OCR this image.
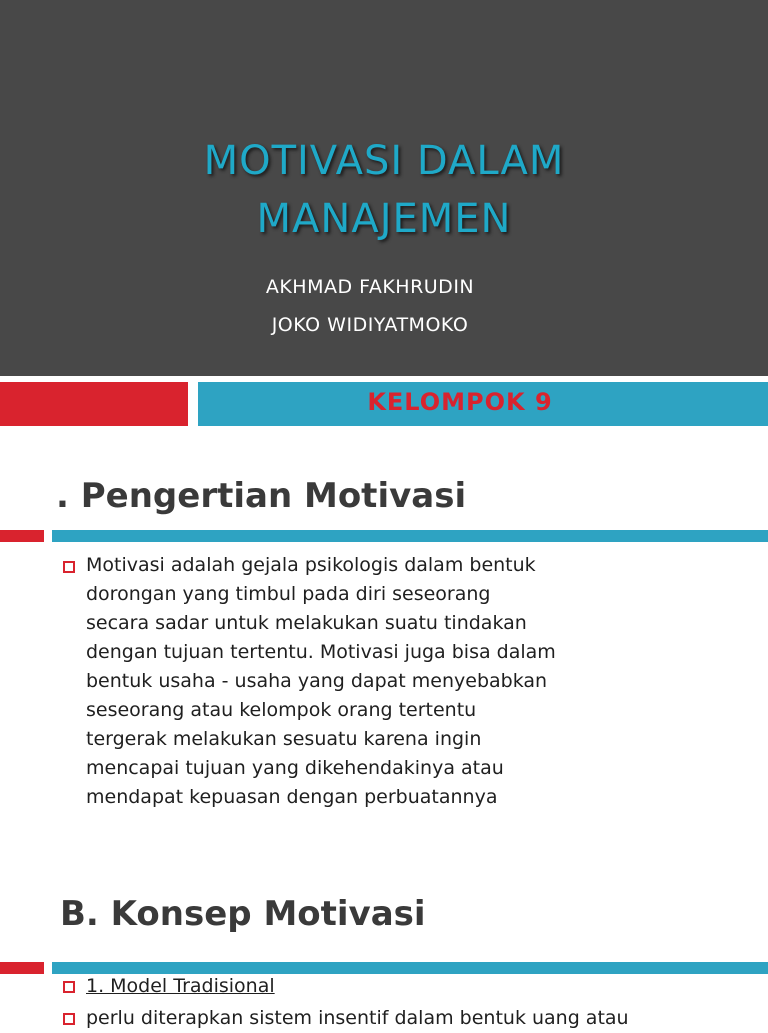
MOTIVASI DALAM
MANAJEMEN
AKHMAD FAKHRUDIN
JOKO WIDIYATMOKO
KELOMPOK 9
. Pengertian Motivasi
Motivasi adalah gejala psikologis dalam bentuk
dorongan yang timbul pada diri seseorang
secara sadar untuk melakukan suatu tindakan
dengan tujuan tertentu. Motivasi juga bisa dalam
bentuk usaha - usaha yang dapat menyebabkan
seseorang atau kelompok orang tertentu
tergerak melakukan sesuatu karena ingin
mencapai tujuan yang dikehendakinya atau
mendapat kepuasan dengan perbuatannya
B. Konsep Motivasi
1. Model Tradisional
perlu diterapkan sistem insentif dalam bentuk uang atau
